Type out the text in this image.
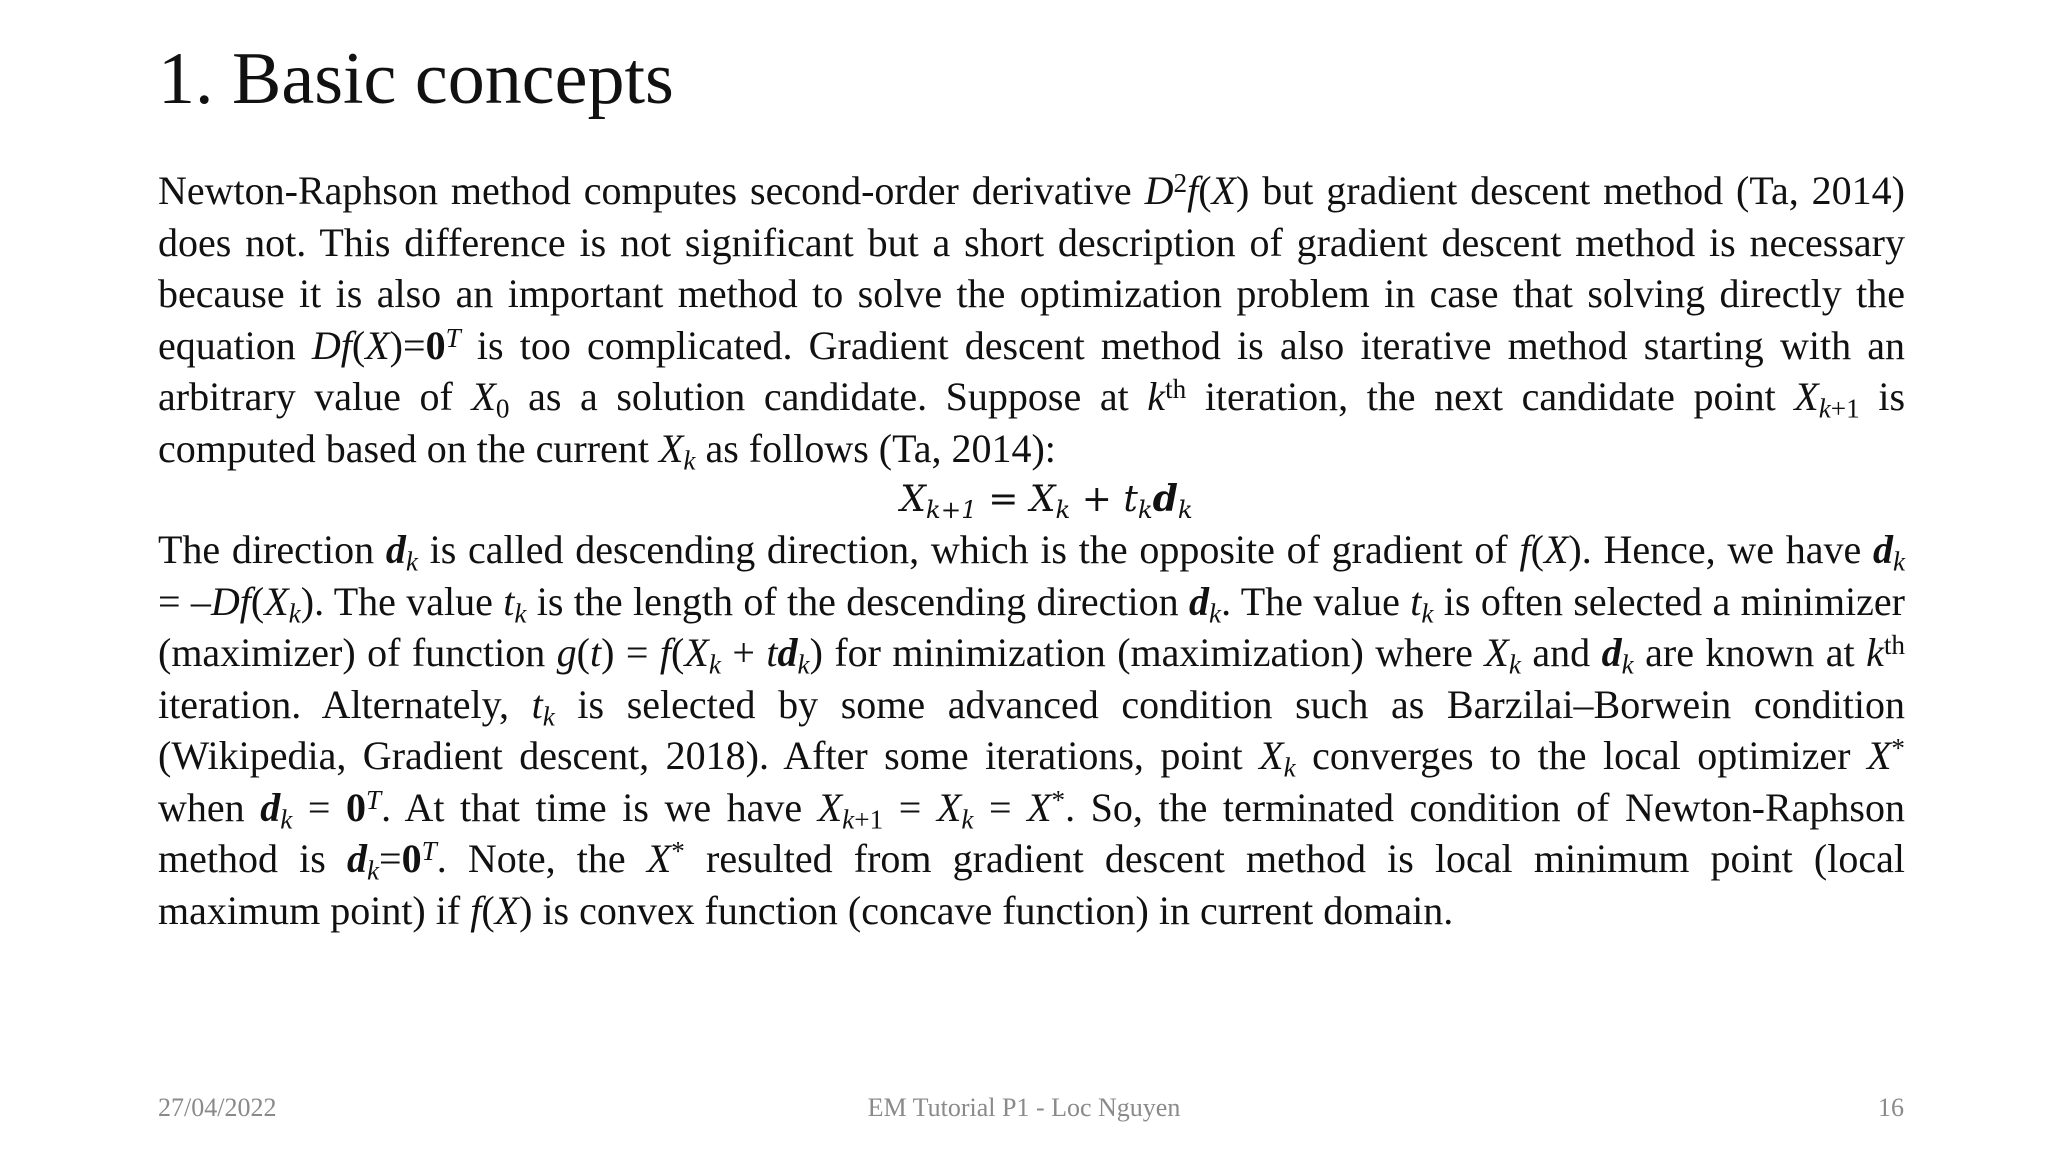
1. Basic concepts

Newton-Raphson method computes second-order derivative $D^2f(X)$ but gradient descent method (Ta, 2014) does not. This difference is not significant but a short description of gradient descent method is necessary because it is also an important method to solve the optimization problem in case that solving directly the equation $Df(X)=0^T$ is too complicated. Gradient descent method is also iterative method starting with an arbitrary value of $X_0$ as a solution candidate. Suppose at $k^{th}$ iteration, the next candidate point $X_{k+1}$ is computed based on the current $X_k$ as follows (Ta, 2014):

$X_{k+1} = X_k + t_kd_k$

The direction $d_k$ is called descending direction, which is the opposite of gradient of f(X). Hence, we have $d_k = -Df(X_k)$. The value $t_k$ is the length of the descending direction $d_k$. The value $t_k$ is often selected a minimizer (maximizer) of function $g(t) = f(X_k + td_k)$ for minimization (maximization) where $X_k$ and $d_k$ are known at $k^{th}$ iteration. Alternately, $t_k$ is selected by some advanced condition such as Barzilai–Borwein condition (Wikipedia, Gradient descent, 2018). After some iterations, point $X_k$ converges to the local optimizer X* when $d_k = 0^T$. At that time is we have $X_{k+1} = X_k = X^*$. So, the terminated condition of Newton-Raphson method is $d_k=0^T$. Note, the X* resulted from gradient descent method is local minimum point (local maximum point) if f(X) is convex function (concave function) in current domain.

27/04/2022	EM Tutorial P1 - Loc Nguyen	16
